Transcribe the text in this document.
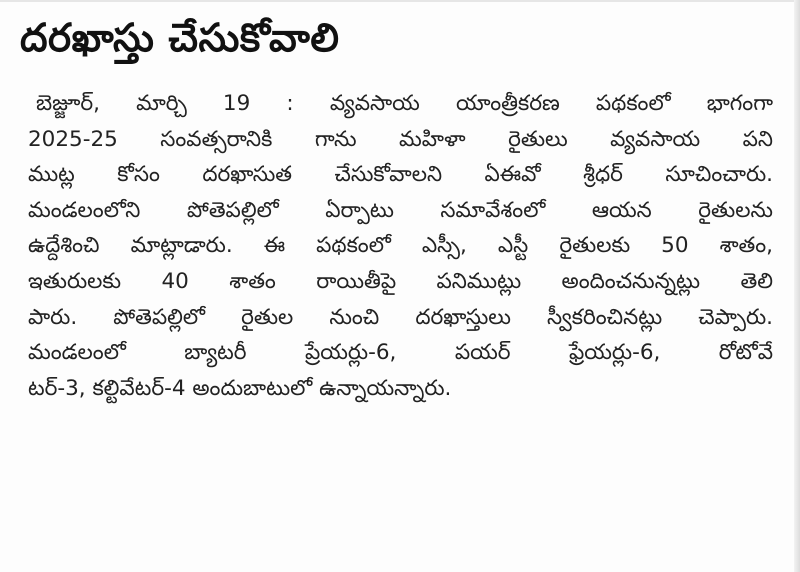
దరఖాస్తు చేసుకోవాలి
బెజ్జూర్, మార్చి 19 : వ్యవసాయ యాంత్రీకరణ పథకంలో భాగంగా
2025-25 సంవత్సరానికి గాను మహిళా రైతులు వ్యవసాయ పని
ముట్ల కోసం దరఖాసుత చేసుకోవాలని ఏఈవో శ్రీధర్ సూచించారు.
మండలంలోని పోతెపల్లిలో ఏర్పాటు సమావేశంలో ఆయన రైతులను
ఉద్దేశించి మాట్లాడారు. ఈ పథకంలో ఎస్సీ, ఎస్టీ రైతులకు 50 శాతం,
ఇతురులకు 40 శాతం రాయితీపై పనిముట్లు అందించనున్నట్లు తెలి
పారు. పోతెపల్లిలో రైతుల నుంచి దరఖాస్తులు స్వీకరించినట్లు చెప్పారు.
మండలంలో బ్యాటరీ ప్రేయర్లు-6, పయర్ ఫ్రేయర్లు-6, రోటోవే
టర్-3, కల్టివేటర్-4 అందుబాటులో ఉన్నాయన్నారు.
